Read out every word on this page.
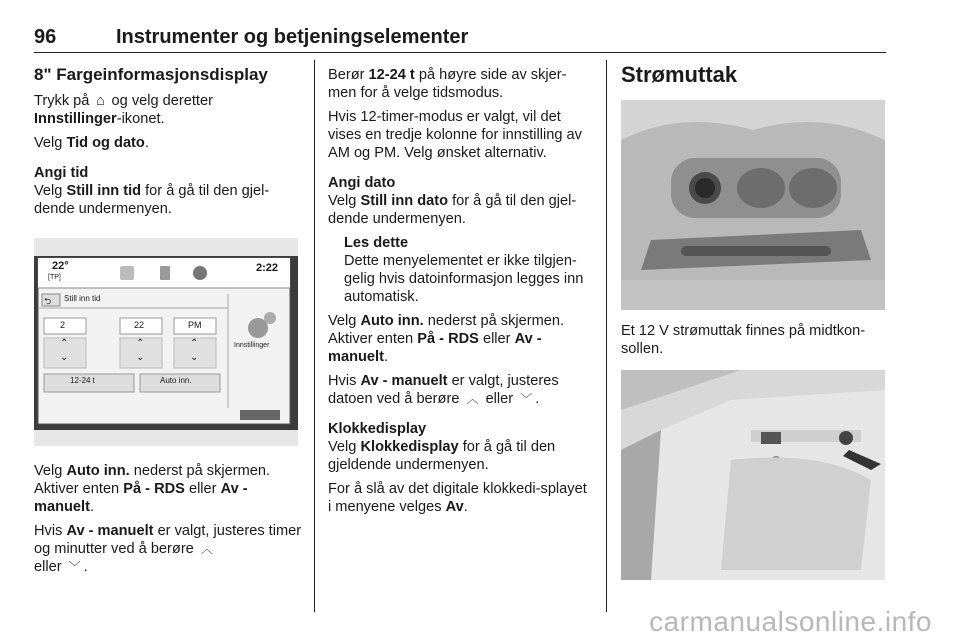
96	Instrumenter og betjeningselementer
8" Fargeinformasjonsdisplay

Trykk på ⌂ og velg deretter
Innstillinger-ikonet.

Velg Tid og dato.

Angi tid

Velg Still inn tid for å gå til den gjel-dende undermenyen.

22°
[TP]
2:22
⮌ Still inn tid
2	22	PM
⌃
⌄
⌃
⌄
⌃
⌄
12-24 t	Auto inn.
Innstillinger

Velg Auto inn. nederst på skjermen. Aktiver enten På - RDS eller Av - manuelt.

Hvis Av - manuelt er valgt, justeres timer og minutter ved å berøre ︿
eller ﹀ .

Berør 12-24 t på høyre side av skjer-men for å velge tidsmodus.

Hvis 12-timer-modus er valgt, vil det vises en tredje kolonne for innstilling av AM og PM. Velg ønsket alternativ.

Angi dato

Velg Still inn dato for å gå til den gjel-dende undermenyen.

Les dette
Dette menyelementet er ikke tilgjen-gelig hvis datoinformasjon legges inn automatisk.

Velg Auto inn. nederst på skjermen. Aktiver enten På - RDS eller Av - manuelt.

Hvis Av - manuelt er valgt, justeres datoen ved å berøre ︿ eller ﹀ .

Klokkedisplay

Velg Klokkedisplay for å gå til den gjeldende undermenyen.

For å slå av det digitale klokkedi-splayet i menyene velges Av.

Strømuttak

Et 12 V strømuttak finnes på midtkon-sollen.

carmanualsonline.info
